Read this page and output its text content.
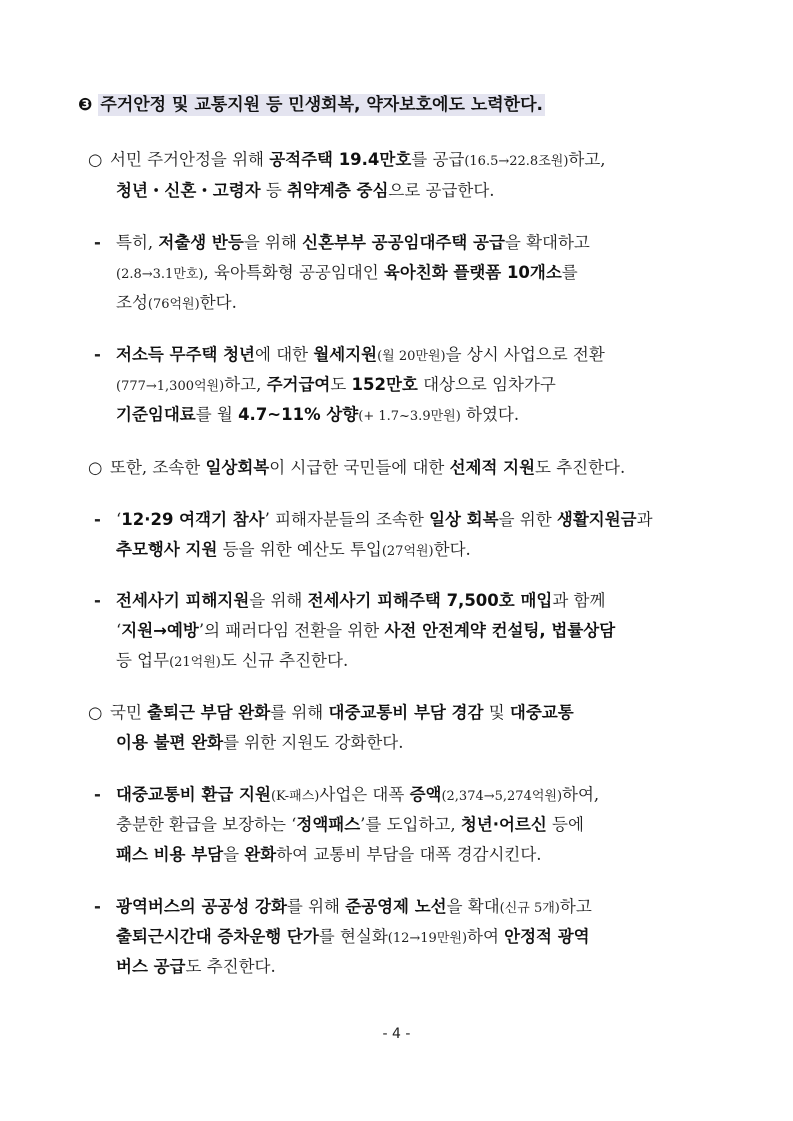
❸ 주거안정 및 교통지원 등 민생회복, 약자보호에도 노력한다.
○ 서민 주거안정을 위해 공적주택 19.4만호를 공급(16.5→22.8조원)하고,
청년・신혼・고령자 등 취약계층 중심으로 공급한다.
- 특히, 저출생 반등을 위해 신혼부부 공공임대주택 공급을 확대하고
(2.8→3.1만호), 육아특화형 공공임대인 육아친화 플랫폼 10개소를
조성(76억원)한다.
- 저소득 무주택 청년에 대한 월세지원(월 20만원)을 상시 사업으로 전환
(777→1,300억원)하고, 주거급여도 152만호 대상으로 임차가구
기준임대료를 월 4.7~11% 상향(+ 1.7~3.9만원) 하였다.
○ 또한, 조속한 일상회복이 시급한 국민들에 대한 선제적 지원도 추진한다.
- ‘12·29 여객기 참사’ 피해자분들의 조속한 일상 회복을 위한 생활지원금과
추모행사 지원 등을 위한 예산도 투입(27억원)한다.
- 전세사기 피해지원을 위해 전세사기 피해주택 7,500호 매입과 함께
‘지원→예방’의 패러다임 전환을 위한 사전 안전계약 컨설팅, 법률상담
등 업무(21억원)도 신규 추진한다.
○ 국민 출퇴근 부담 완화를 위해 대중교통비 부담 경감 및 대중교통
이용 불편 완화를 위한 지원도 강화한다.
- 대중교통비 환급 지원(K-패스)사업은 대폭 증액(2,374→5,274억원)하여,
충분한 환급을 보장하는 ‘정액패스’를 도입하고, 청년·어르신 등에
패스 비용 부담을 완화하여 교통비 부담을 대폭 경감시킨다.
- 광역버스의 공공성 강화를 위해 준공영제 노선을 확대(신규 5개)하고
출퇴근시간대 증차운행 단가를 현실화(12→19만원)하여 안정적 광역
버스 공급도 추진한다.
- 4 -
